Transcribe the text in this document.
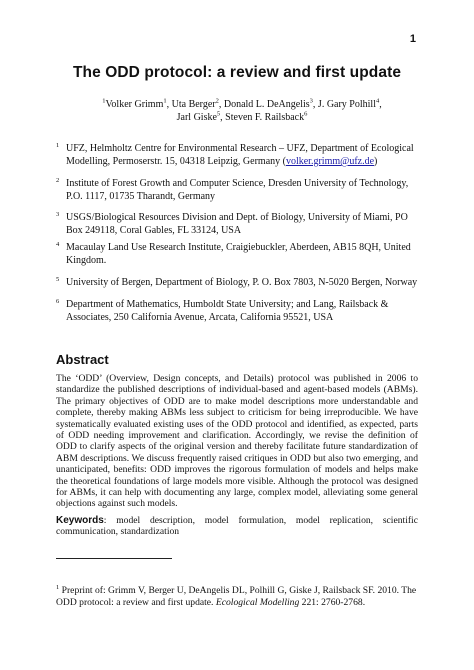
1
The ODD protocol: a review and first update
$^1$Volker Grimm$^1$, Uta Berger$^2$, Donald L. DeAngelis$^3$, J. Gary Polhill$^4$,
Jarl Giske$^5$, Steven F. Railsback$^6$
1 UFZ, Helmholtz Centre for Environmental Research – UFZ, Department of Ecological Modelling, Permoserstr. 15, 04318 Leipzig, Germany (volker.grimm@ufz.de)
2 Institute of Forest Growth and Computer Science, Dresden University of Technology, P.O. 1117, 01735 Tharandt, Germany
3 USGS/Biological Resources Division and Dept. of Biology, University of Miami, PO Box 249118, Coral Gables, FL 33124, USA
4 Macaulay Land Use Research Institute, Craigiebuckler, Aberdeen, AB15 8QH, United Kingdom.
5 University of Bergen, Department of Biology, P. O. Box 7803, N-5020 Bergen, Norway
6 Department of Mathematics, Humboldt State University; and Lang, Railsback & Associates, 250 California Avenue, Arcata, California 95521, USA
Abstract
The ‘ODD’ (Overview, Design concepts, and Details) protocol was published in 2006 to standardize the published descriptions of individual-based and agent-based models (ABMs). The primary objectives of ODD are to make model descriptions more understandable and complete, thereby making ABMs less subject to criticism for being irreproducible. We have systematically evaluated existing uses of the ODD protocol and identified, as expected, parts of ODD needing improvement and clarification. Accordingly, we revise the definition of ODD to clarify aspects of the original version and thereby facilitate future standardization of ABM descriptions. We discuss frequently raised critiques in ODD but also two emerging, and unanticipated, benefits: ODD improves the rigorous formulation of models and helps make the theoretical foundations of large models more visible. Although the protocol was designed for ABMs, it can help with documenting any large, complex model, alleviating some general objections against such models.
Keywords: model description, model formulation, model replication, scientific communication, standardization
$^1$ Preprint of: Grimm V, Berger U, DeAngelis DL, Polhill G, Giske J, Railsback SF. 2010. The ODD protocol: a review and first update. Ecological Modelling 221: 2760-2768.
